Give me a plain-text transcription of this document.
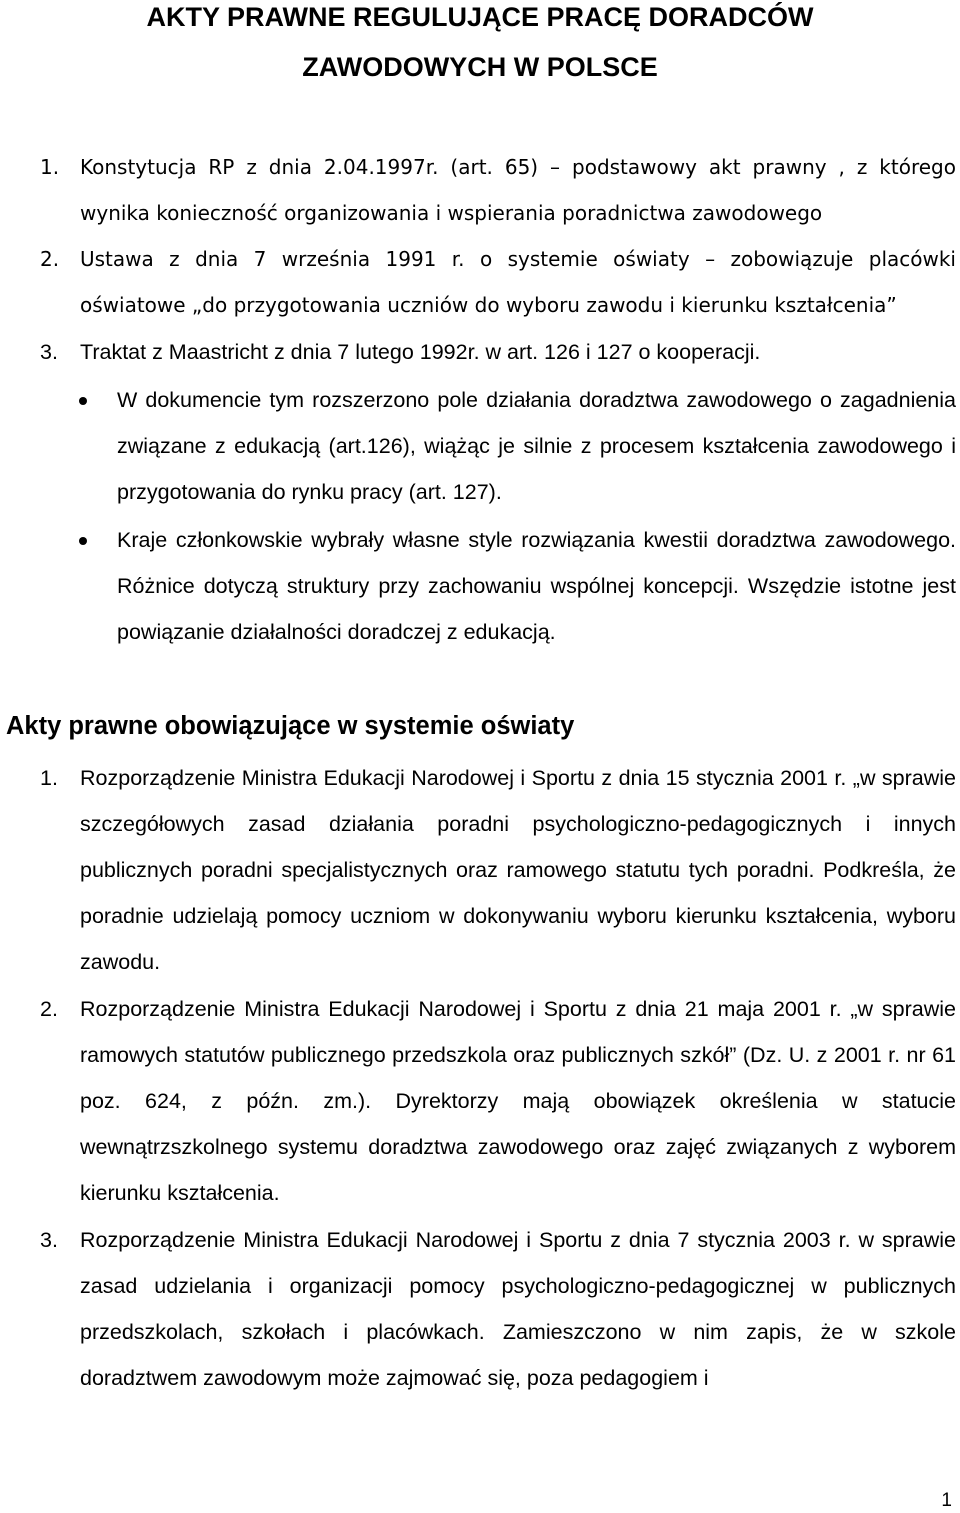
AKTY PRAWNE REGULUJĄCE PRACĘ DORADCÓW
ZAWODOWYCH W POLSCE

1. Konstytucja RP z dnia 2.04.1997r. (art. 65) – podstawowy akt prawny , z którego wynika konieczność organizowania i wspierania poradnictwa zawodowego

2. Ustawa z dnia 7 września 1991 r. o systemie oświaty – zobowiązuje placówki oświatowe „do przygotowania uczniów do wyboru zawodu i kierunku kształcenia”

3. Traktat z Maastricht z dnia 7 lutego 1992r. w art. 126 i 127 o kooperacji.

W dokumencie tym rozszerzono pole działania doradztwa zawodowego o zagadnienia związane z edukacją (art.126), wiążąc je silnie z procesem kształcenia zawodowego i przygotowania do rynku pracy (art. 127).

Kraje członkowskie wybrały własne style rozwiązania kwestii doradztwa zawodowego. Różnice dotyczą struktury przy zachowaniu wspólnej koncepcji. Wszędzie istotne jest powiązanie działalności doradczej z edukacją.

Akty prawne obowiązujące w systemie oświaty

1. Rozporządzenie Ministra Edukacji Narodowej i Sportu z dnia 15 stycznia 2001 r. „w sprawie szczegółowych zasad działania poradni psychologiczno-pedagogicznych i innych publicznych poradni specjalistycznych oraz ramowego statutu tych poradni. Podkreśla, że poradnie udzielają pomocy uczniom w dokonywaniu wyboru kierunku kształcenia, wyboru zawodu.

2. Rozporządzenie Ministra Edukacji Narodowej i Sportu z dnia 21 maja 2001 r. „w sprawie ramowych statutów publicznego przedszkola oraz publicznych szkół” (Dz. U. z 2001 r. nr 61 poz. 624, z późn. zm.). Dyrektorzy mają obowiązek określenia w statucie wewnątrzszkolnego systemu doradztwa zawodowego oraz zajęć związanych z wyborem kierunku kształcenia.

3. Rozporządzenie Ministra Edukacji Narodowej i Sportu z dnia 7 stycznia 2003 r. w sprawie zasad udzielania i organizacji pomocy psychologiczno-pedagogicznej w publicznych przedszkolach, szkołach i placówkach. Zamieszczono w nim zapis, że w szkole doradztwem zawodowym może zajmować się, poza pedagogiem i

1
